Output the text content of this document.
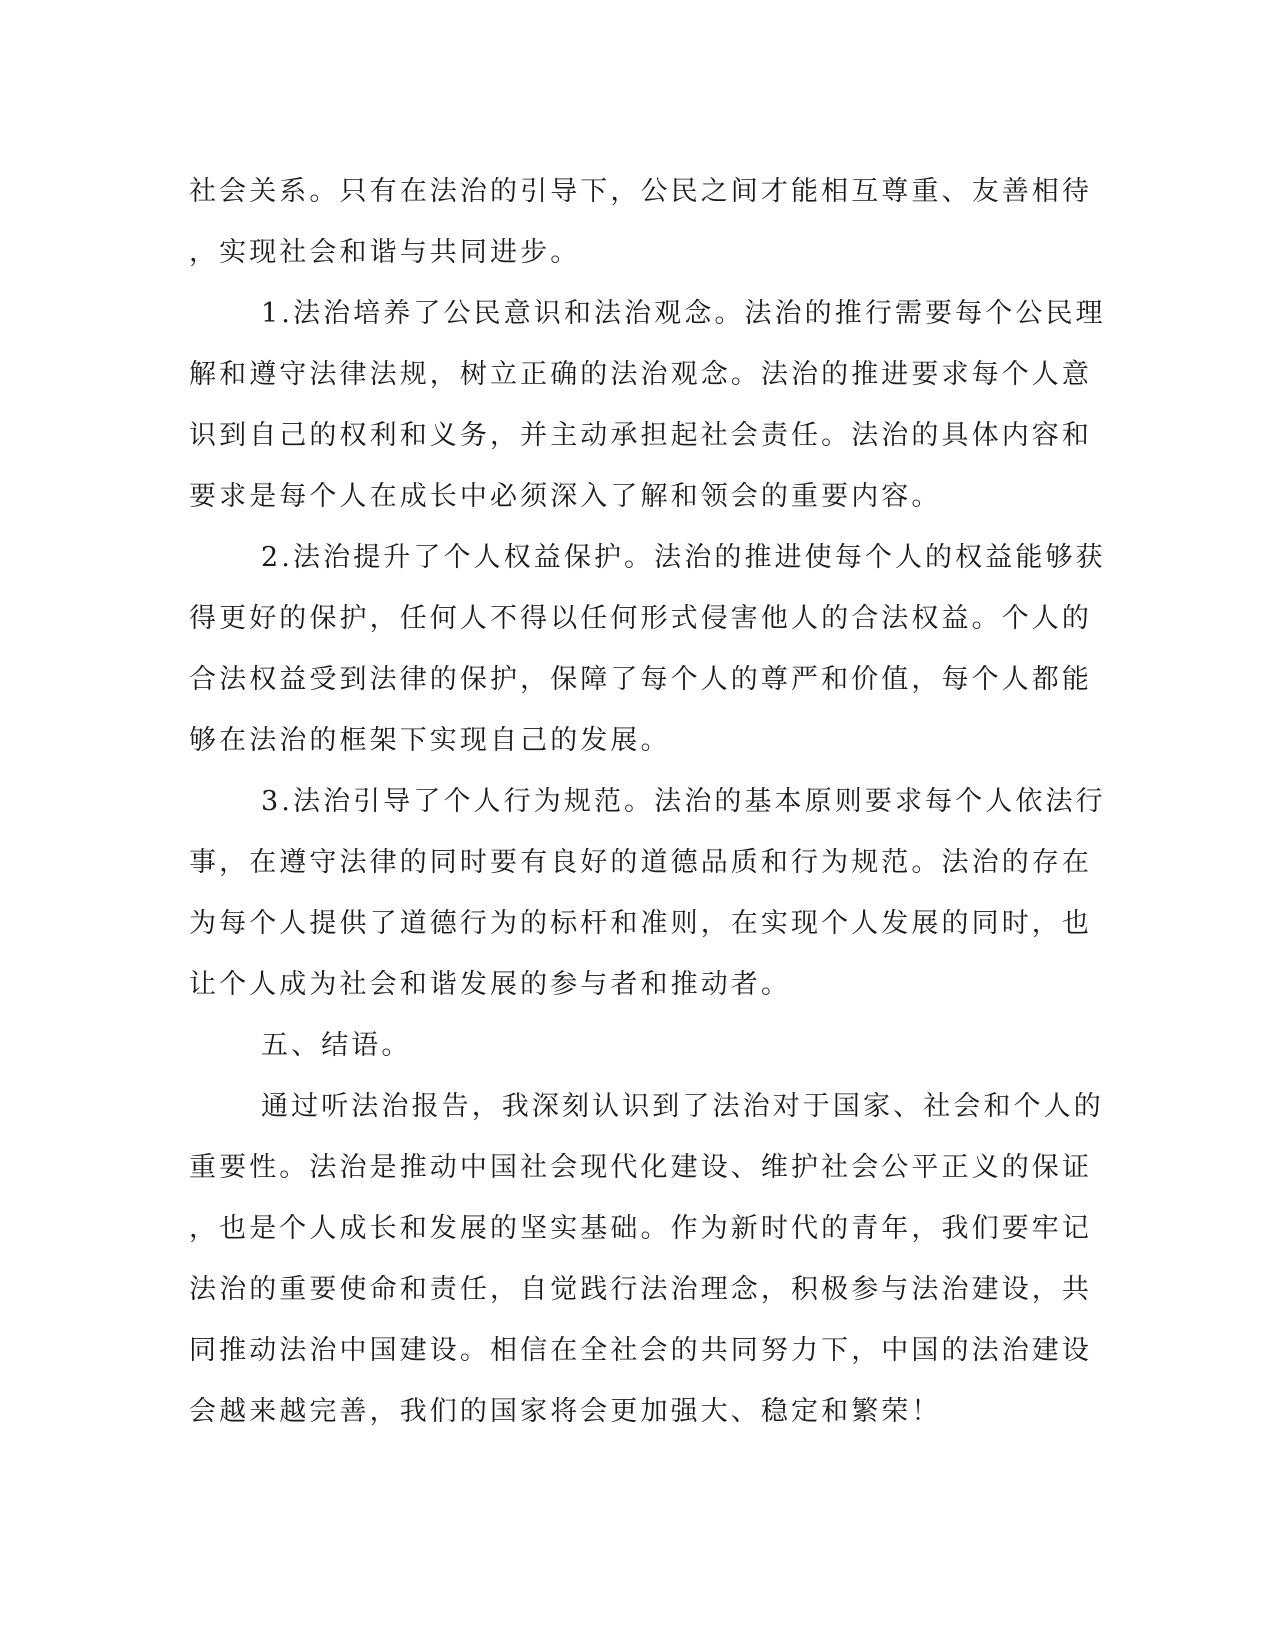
社会关系。只有在法治的引导下，公民之间才能相互尊重、友善相待
，实现社会和谐与共同进步。
1.法治培养了公民意识和法治观念。法治的推行需要每个公民理
解和遵守法律法规，树立正确的法治观念。法治的推进要求每个人意
识到自己的权利和义务，并主动承担起社会责任。法治的具体内容和
要求是每个人在成长中必须深入了解和领会的重要内容。
2.法治提升了个人权益保护。法治的推进使每个人的权益能够获
得更好的保护，任何人不得以任何形式侵害他人的合法权益。个人的
合法权益受到法律的保护，保障了每个人的尊严和价值，每个人都能
够在法治的框架下实现自己的发展。
3.法治引导了个人行为规范。法治的基本原则要求每个人依法行
事，在遵守法律的同时要有良好的道德品质和行为规范。法治的存在
为每个人提供了道德行为的标杆和准则，在实现个人发展的同时，也
让个人成为社会和谐发展的参与者和推动者。
五、结语。
通过听法治报告，我深刻认识到了法治对于国家、社会和个人的
重要性。法治是推动中国社会现代化建设、维护社会公平正义的保证
，也是个人成长和发展的坚实基础。作为新时代的青年，我们要牢记
法治的重要使命和责任，自觉践行法治理念，积极参与法治建设，共
同推动法治中国建设。相信在全社会的共同努力下，中国的法治建设
会越来越完善，我们的国家将会更加强大、稳定和繁荣！
